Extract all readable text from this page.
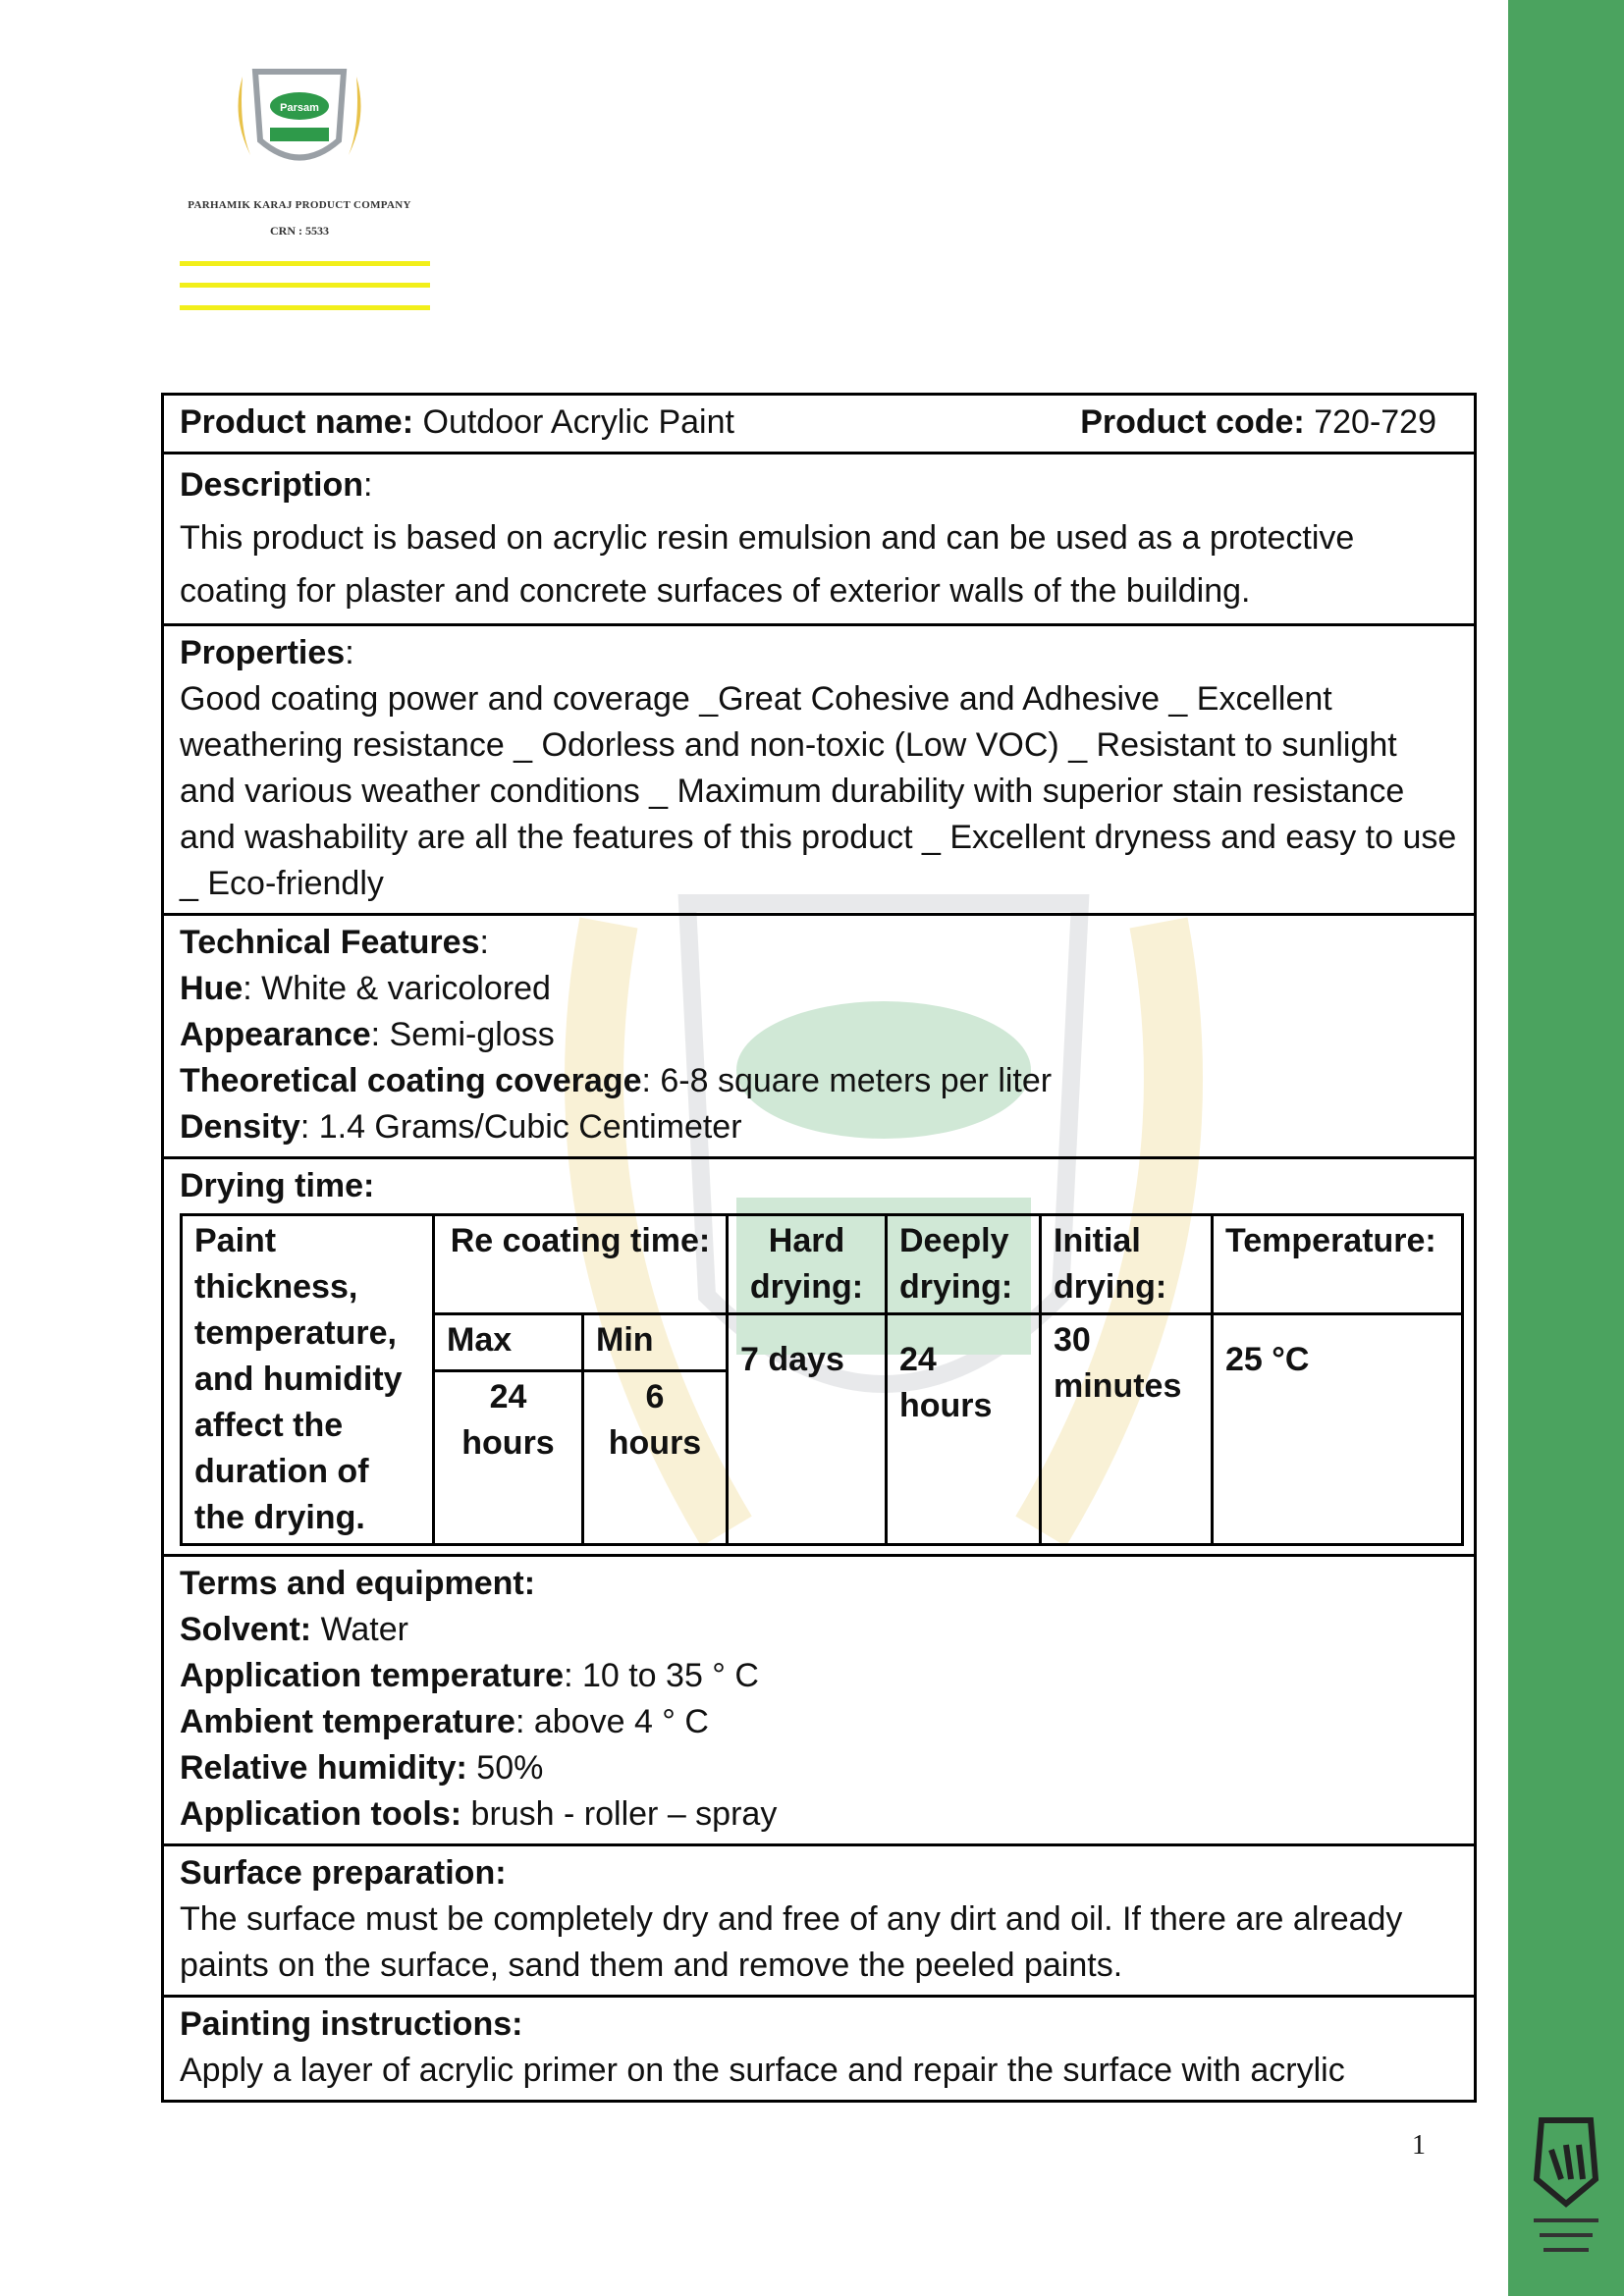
Parsam
PARHAMIK KARAJ PRODUCT COMPANY
CRN : 5533
Product name: Outdoor Acrylic Paint	Product code: 720-729
Description:
This product is based on acrylic resin emulsion and can be used as a protective coating for plaster and concrete surfaces of exterior walls of the building.
Properties:
Good coating power and coverage _Great Cohesive and Adhesive _ Excellent weathering resistance _ Odorless and non-toxic (Low VOC) _ Resistant to sunlight and various weather conditions _ Maximum durability with superior stain resistance and washability are all the features of this product _ Excellent dryness and easy to use _ Eco-friendly
Technical Features:
Hue: White & varicolored
Appearance: Semi-gloss
Theoretical coating coverage: 6-8 square meters per liter
Density: 1.4 Grams/Cubic Centimeter
Drying time:
Paint thickness, temperature, and humidity affect the duration of the drying.	Re coating time:		Hard drying:	Deeply drying:	Initial drying:	Temperature:
	Max	Min	7 days	24 hours	30 minutes	25 °C
	24 hours	6 hours				
Terms and equipment:
Solvent: Water
Application temperature: 10 to 35 ° C
Ambient temperature: above 4 ° C
Relative humidity: 50%
Application tools: brush - roller – spray
Surface preparation:
The surface must be completely dry and free of any dirt and oil. If there are already paints on the surface, sand them and remove the peeled paints.
Painting instructions:
Apply a layer of acrylic primer on the surface and repair the surface with acrylic
1
